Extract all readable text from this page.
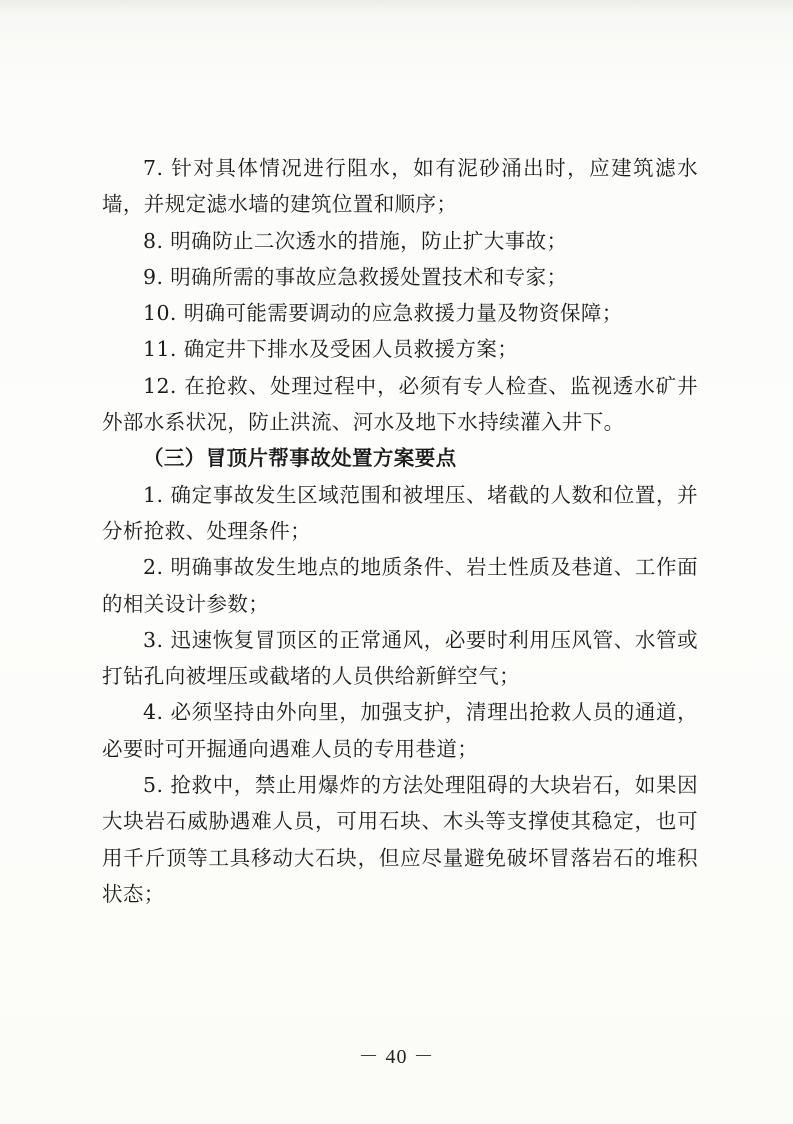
7. 针对具体情况进行阻水，如有泥砂涌出时，应建筑滤水墙，并规定滤水墙的建筑位置和顺序；

8. 明确防止二次透水的措施，防止扩大事故；

9. 明确所需的事故应急救援处置技术和专家；

10. 明确可能需要调动的应急救援力量及物资保障；

11. 确定井下排水及受困人员救援方案；

12. 在抢救、处理过程中，必须有专人检查、监视透水矿井外部水系状况，防止洪流、河水及地下水持续灌入井下。

（三）冒顶片帮事故处置方案要点

1. 确定事故发生区域范围和被埋压、堵截的人数和位置，并分析抢救、处理条件；

2. 明确事故发生地点的地质条件、岩土性质及巷道、工作面的相关设计参数；

3. 迅速恢复冒顶区的正常通风，必要时利用压风管、水管或打钻孔向被埋压或截堵的人员供给新鲜空气；

4. 必须坚持由外向里，加强支护，清理出抢救人员的通道，必要时可开掘通向遇难人员的专用巷道；

5. 抢救中，禁止用爆炸的方法处理阻碍的大块岩石，如果因大块岩石威胁遇难人员，可用石块、木头等支撑使其稳定，也可用千斤顶等工具移动大石块，但应尽量避免破坏冒落岩石的堆积状态；

－ 40 －
